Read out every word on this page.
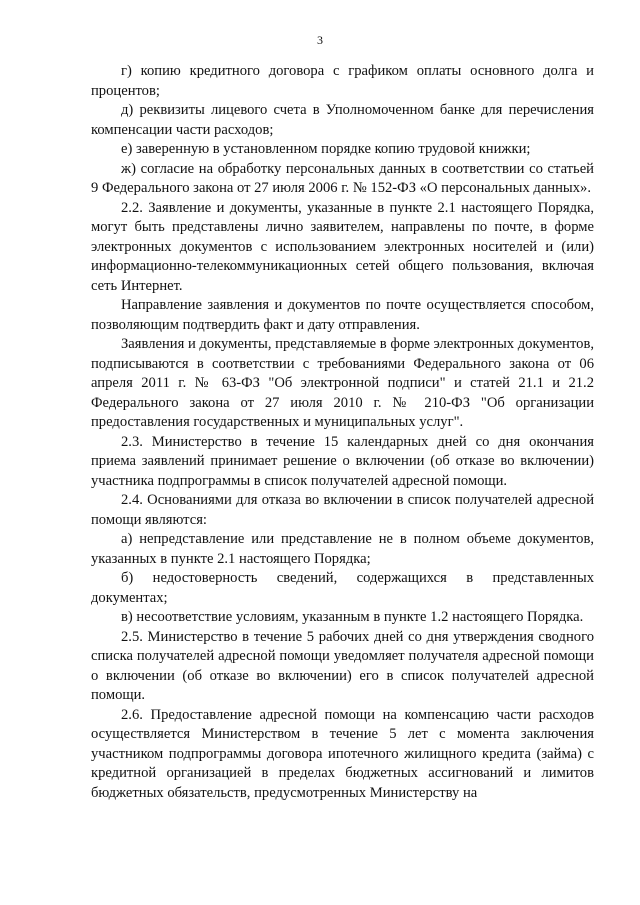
3

г) копию кредитного договора с графиком оплаты основного долга и процентов;

д) реквизиты лицевого счета в Уполномоченном банке для перечисления компенсации части расходов;

е) заверенную в установленном порядке копию трудовой книжки;

ж) согласие на обработку персональных данных в соответствии со статьей 9 Федерального закона от 27 июля 2006 г. № 152-ФЗ «О персональных данных».

2.2. Заявление и документы, указанные в пункте 2.1 настоящего Порядка, могут быть представлены лично заявителем, направлены по почте, в форме электронных документов с использованием электронных носителей и (или) информационно-телекоммуникационных сетей общего пользования, включая сеть Интернет.

Направление заявления и документов по почте осуществляется способом, позволяющим подтвердить факт и дату отправления.

Заявления и документы, представляемые в форме электронных документов, подписываются в соответствии с требованиями Федерального закона от 06 апреля 2011 г. № 63-ФЗ "Об электронной подписи" и статей 21.1 и 21.2 Федерального закона от 27 июля 2010 г. № 210-ФЗ "Об организации предоставления государственных и муниципальных услуг".

2.3. Министерство в течение 15 календарных дней со дня окончания приема заявлений принимает решение о включении (об отказе во включении) участника подпрограммы в список получателей адресной помощи.

2.4. Основаниями для отказа во включении в список получателей адресной помощи являются:

а) непредставление или представление не в полном объеме документов, указанных в пункте 2.1 настоящего Порядка;

б) недостоверность сведений, содержащихся в представленных документах;

в) несоответствие условиям, указанным в пункте 1.2 настоящего Порядка.

2.5. Министерство в течение 5 рабочих дней со дня утверждения сводного списка получателей адресной помощи уведомляет получателя адресной помощи о включении (об отказе во включении) его в список получателей адресной помощи.

2.6. Предоставление адресной помощи на компенсацию части расходов осуществляется Министерством в течение 5 лет с момента заключения участником подпрограммы договора ипотечного жилищного кредита (займа) с кредитной организацией в пределах бюджетных ассигнований и лимитов бюджетных обязательств, предусмотренных Министерству на
